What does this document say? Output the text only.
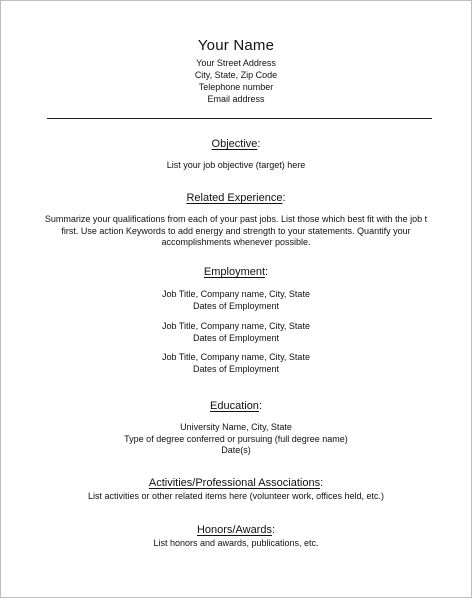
Your Name
Your Street Address
City, State, Zip Code
Telephone number
Email address
Objective:
List your job objective (target) here
Related Experience:
Summarize your qualifications from each of your past jobs. List those which best fit with the job t
first. Use action Keywords to add energy and strength to your statements. Quantify your
accomplishments whenever possible.
Employment:
Job Title, Company name, City, State
Dates of Employment
Job Title, Company name, City, State
Dates of Employment
Job Title, Company name, City, State
Dates of Employment
Education:
University Name, City, State
Type of degree conferred or pursuing (full degree name)
Date(s)
Activities/Professional Associations:
List activities or other related items here (volunteer work, offices held, etc.)
Honors/Awards:
List honors and awards, publications, etc.
